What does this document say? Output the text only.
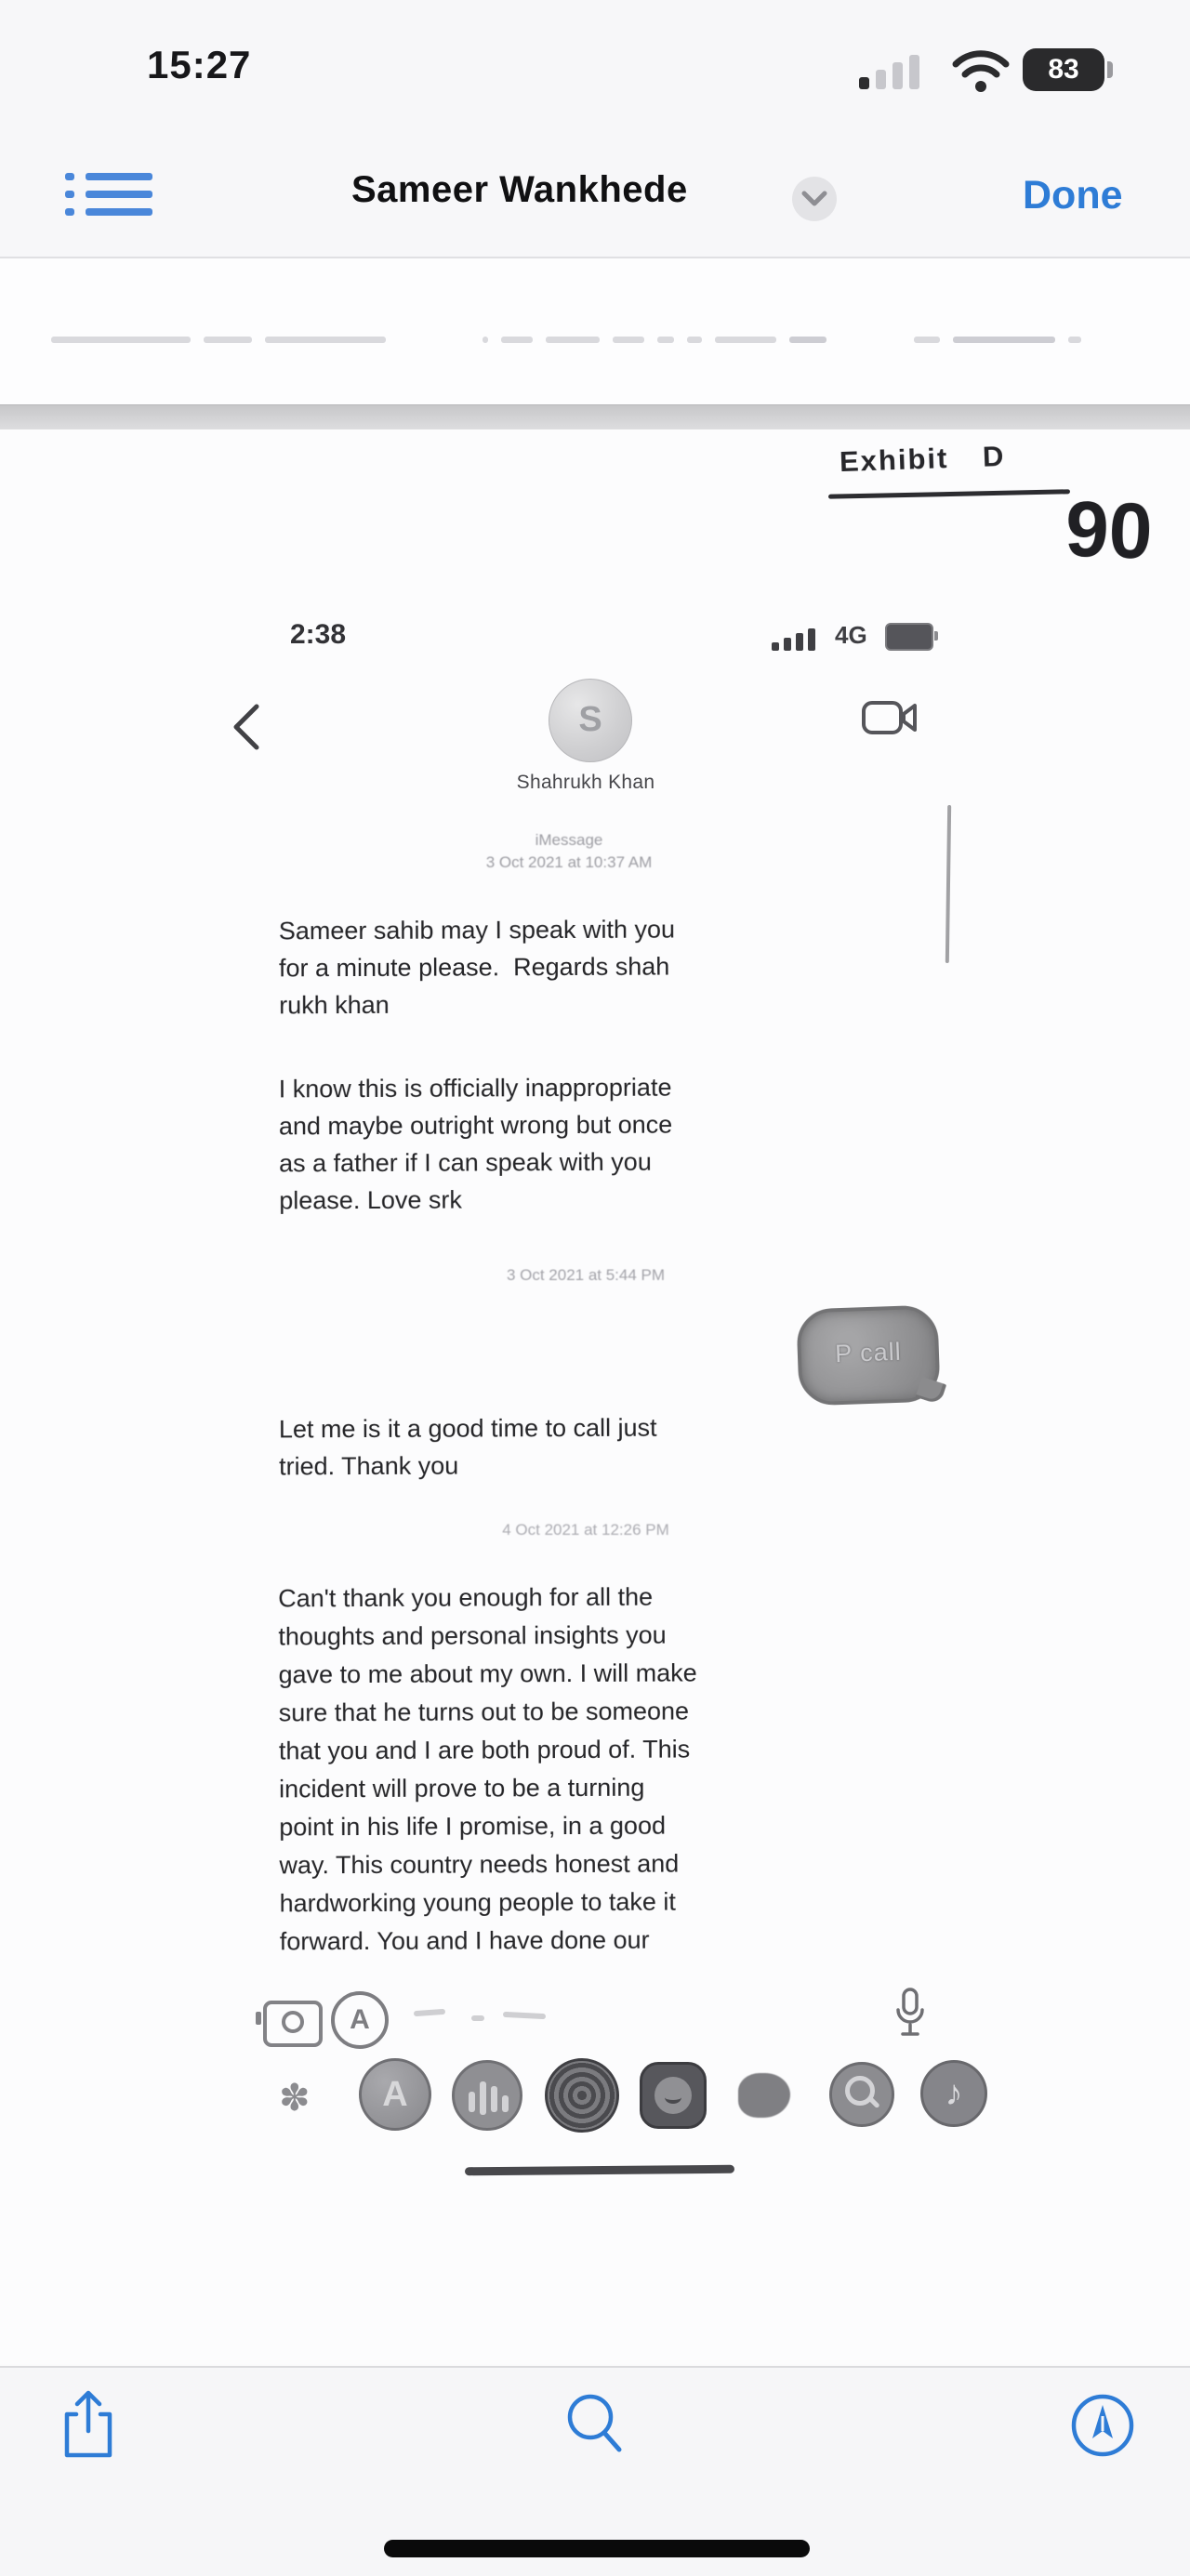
15:27	83
Sameer Wankhede	Done
Exhibit D
90
2:38	4G
S
Shahrukh Khan
iMessage
3 Oct 2021 at 10:37 AM
Sameer sahib may I speak with you
for a minute please.  Regards shah
rukh khan
I know this is officially inappropriate
and maybe outright wrong but once
as a father if I can speak with you
please. Love srk
3 Oct 2021 at 5:44 PM
P call
Let me is it a good time to call just
tried. Thank you
4 Oct 2021 at 12:26 PM
Can't thank you enough for all the
thoughts and personal insights you
gave to me about my own. I will make
sure that he turns out to be someone
that you and I are both proud of. This
incident will prove to be a turning
point in his life I promise, in a good
way. This country needs honest and
hardworking young people to take it
forward. You and I have done our
A
✽	A	♪
